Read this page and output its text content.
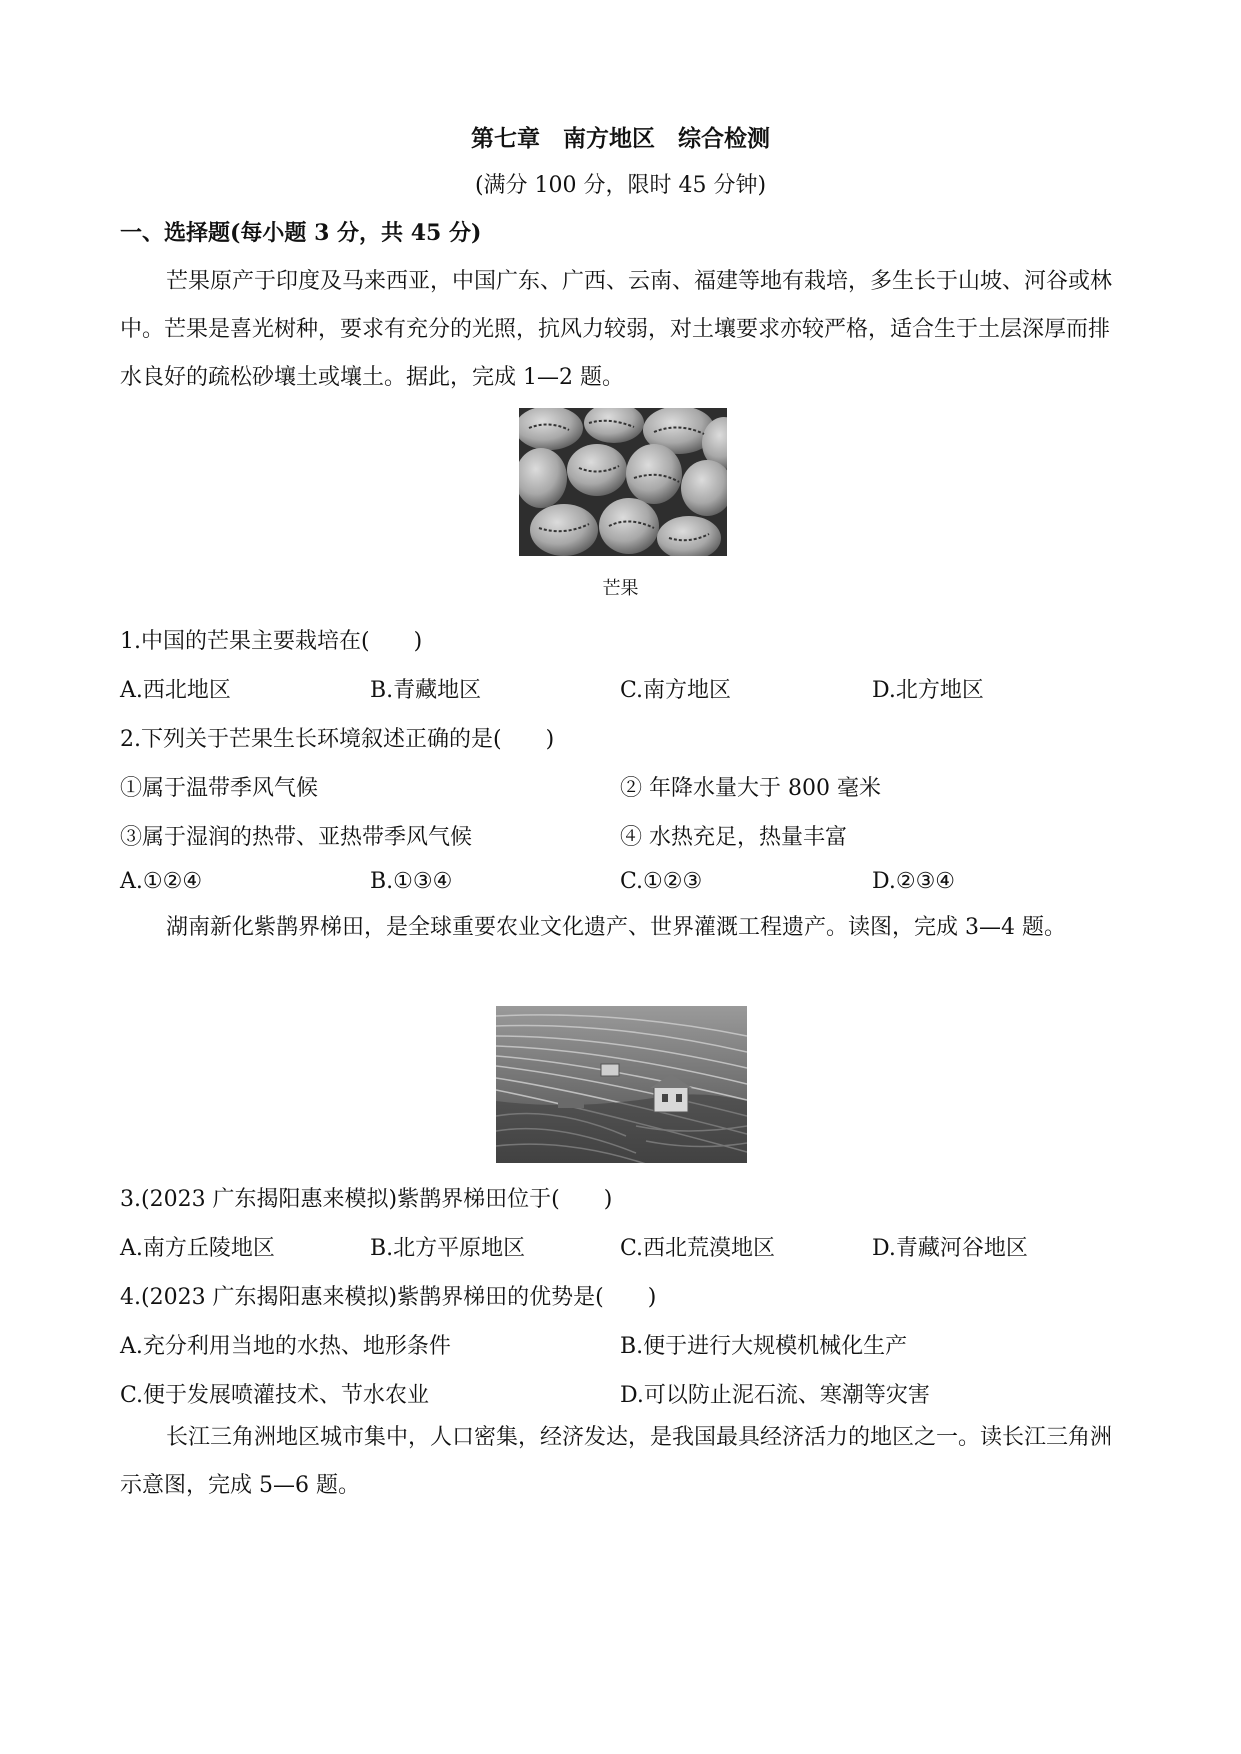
第七章　南方地区　综合检测
(满分 100 分，限时 45 分钟)
一、选择题(每小题 3 分，共 45 分)
芒果原产于印度及马来西亚，中国广东、广西、云南、福建等地有栽培，多生长于山坡、河谷或林中。芒果是喜光树种，要求有充分的光照，抗风力较弱，对土壤要求亦较严格，适合生于土层深厚而排水良好的疏松砂壤土或壤土。据此，完成 1—2 题。
芒果
1.中国的芒果主要栽培在(　　)
A.西北地区	B.青藏地区	C.南方地区	D.北方地区
2.下列关于芒果生长环境叙述正确的是(　　)
①属于温带季风气候	② 年降水量大于 800 毫米
③属于湿润的热带、亚热带季风气候	④ 水热充足，热量丰富
A.①②④	B.①③④	C.①②③	D.②③④
湖南新化紫鹊界梯田，是全球重要农业文化遗产、世界灌溉工程遗产。读图，完成 3—4 题。
3.(2023 广东揭阳惠来模拟)紫鹊界梯田位于(　　)
A.南方丘陵地区	B.北方平原地区	C.西北荒漠地区	D.青藏河谷地区
4.(2023 广东揭阳惠来模拟)紫鹊界梯田的优势是(　　)
A.充分利用当地的水热、地形条件	B.便于进行大规模机械化生产
C.便于发展喷灌技术、节水农业	D.可以防止泥石流、寒潮等灾害
长江三角洲地区城市集中，人口密集，经济发达，是我国最具经济活力的地区之一。读长江三角洲示意图，完成 5—6 题。
